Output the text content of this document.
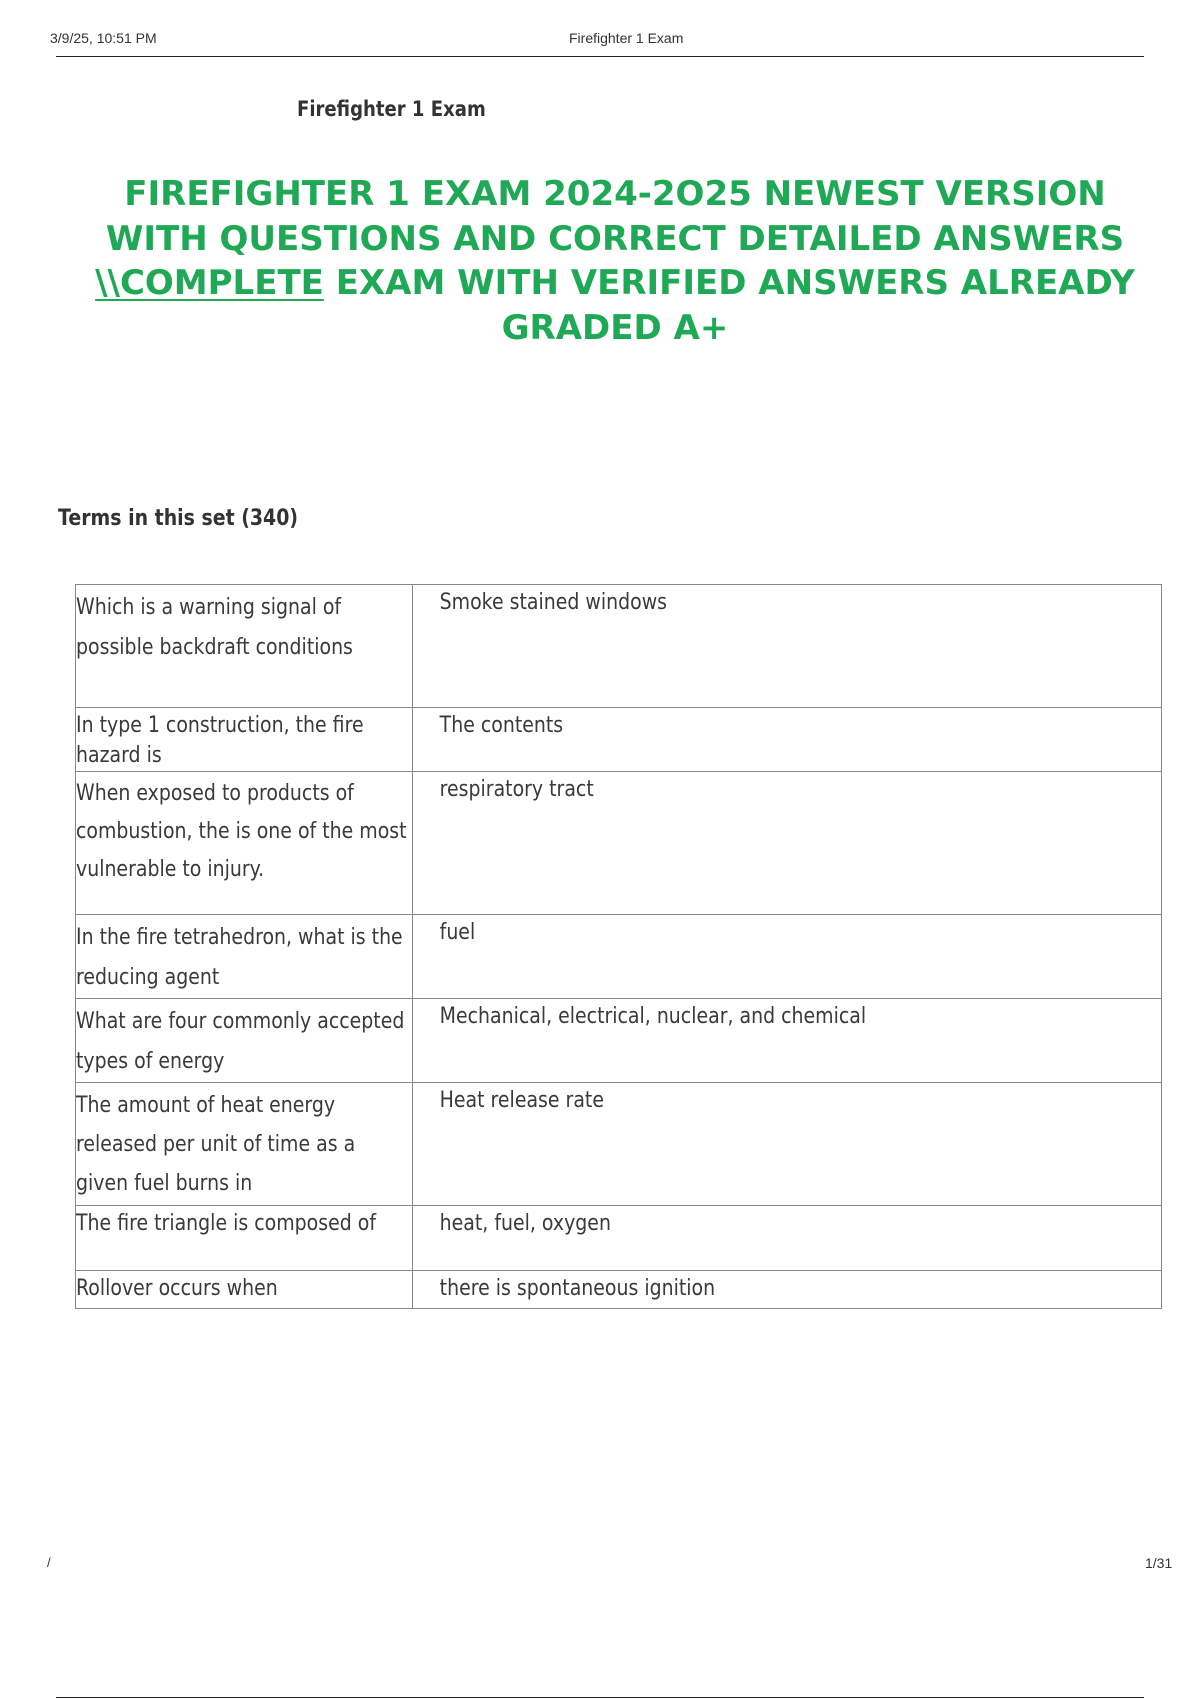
3/9/25, 10:51 PM	Firefighter 1 Exam
Firefighter 1 Exam
FIREFIGHTER 1 EXAM 2024-2O25 NEWEST VERSION
WITH QUESTIONS AND CORRECT DETAILED ANSWERS
\\COMPLETE EXAM WITH VERIFIED ANSWERS ALREADY
GRADED A+
Terms in this set (340)
Which is a warning signal of possible backdraft conditions	Smoke stained windows

In type 1 construction, the fire hazard is	The contents

When exposed to products of combustion, the is one of the most vulnerable to injury.	respiratory tract

In the fire tetrahedron, what is the reducing agent	fuel

What are four commonly accepted types of energy	Mechanical, electrical, nuclear, and chemical

The amount of heat energy released per unit of time as a given fuel burns in	Heat release rate

The fire triangle is composed of	heat, fuel, oxygen

Rollover occurs when	there is spontaneous ignition
/	1/31
